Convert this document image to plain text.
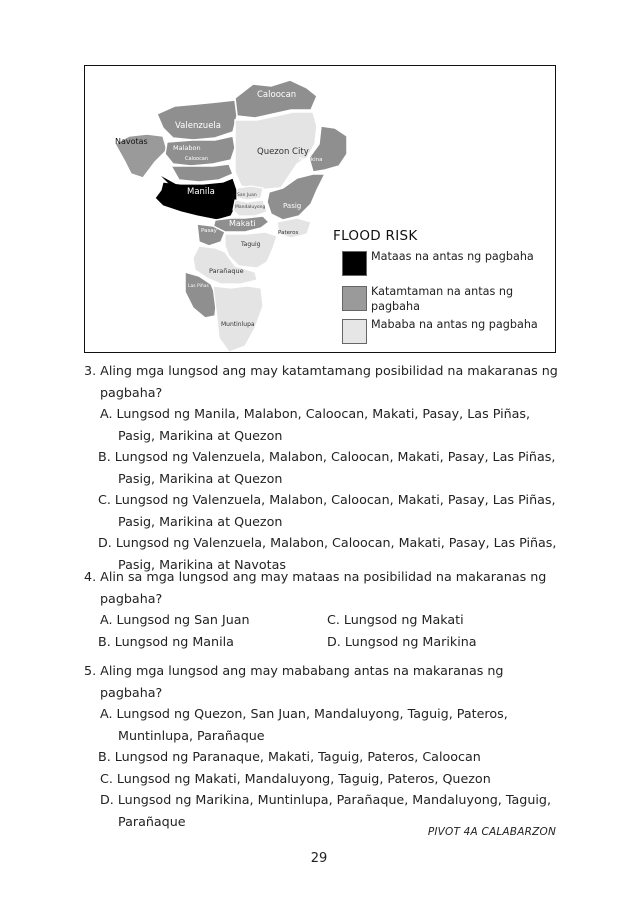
Caloocan
Valenzuela
Navotas
Malabon
Caloocan
Quezon City
Marikina
Manila	San Juan
Mandaluyong	Pasig
Makati
Pasay	Pateros
Taguig
Parañaque
Las Piñas
Muntinlupa
FLOOD RISK
Mataas na antas ng pagbaha
Katamtaman na antas ng pagbaha
Mababa na antas ng pagbaha
3. Aling mga lungsod ang may katamtamang posibilidad na makaranas ng
pagbaha?
A. Lungsod ng Manila, Malabon, Caloocan, Makati, Pasay, Las Piñas,
Pasig, Marikina at Quezon
B. Lungsod ng Valenzuela, Malabon, Caloocan, Makati, Pasay, Las Piñas,
Pasig, Marikina at Quezon
C. Lungsod ng Valenzuela, Malabon, Caloocan, Makati, Pasay, Las Piñas,
Pasig, Marikina at Quezon
D. Lungsod ng Valenzuela, Malabon, Caloocan, Makati, Pasay, Las Piñas,
Pasig, Marikina at Navotas
4. Alin sa mga lungsod ang may mataas na posibilidad na makaranas ng
pagbaha?
A. Lungsod ng San Juan	C. Lungsod ng Makati
B. Lungsod ng Manila	D. Lungsod ng Marikina
5. Aling mga lungsod ang may mababang antas na makaranas ng
pagbaha?
A. Lungsod ng Quezon, San Juan, Mandaluyong, Taguig, Pateros,
Muntinlupa, Parañaque
B. Lungsod ng Paranaque, Makati, Taguig, Pateros, Caloocan
C. Lungsod ng Makati, Mandaluyong, Taguig, Pateros, Quezon
D. Lungsod ng Marikina, Muntinlupa, Parañaque, Mandaluyong, Taguig,
Parañaque
PIVOT 4A CALABARZON
29
